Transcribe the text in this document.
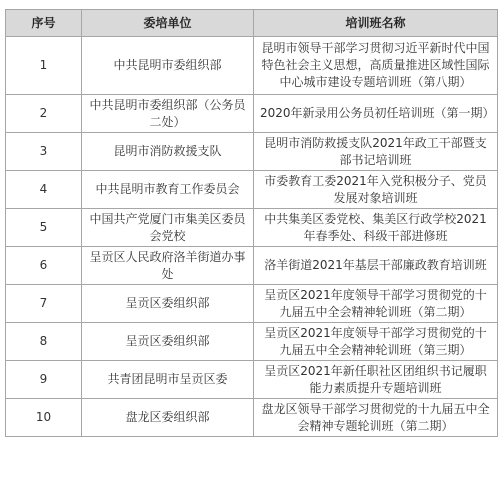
序号	委培单位	培训班名称
1	中共昆明市委组织部	昆明市领导干部学习贯彻习近平新时代中国特色社会主义思想，高质量推进区域性国际中心城市建设专题培训班（第八期）
2	中共昆明市委组织部（公务员二处）	2020年新录用公务员初任培训班（第一期）
3	昆明市消防救援支队	昆明市消防救援支队2021年政工干部暨支部书记培训班
4	中共昆明市教育工作委员会	市委教育工委2021年入党积极分子、党员发展对象培训班
5	中国共产党厦门市集美区委员会党校	中共集美区委党校、集美区行政学校2021年春季处、科级干部进修班
6	呈贡区人民政府洛羊街道办事处	洛羊街道2021年基层干部廉政教育培训班
7	呈贡区委组织部	呈贡区2021年度领导干部学习贯彻党的十九届五中全会精神轮训班（第二期）
8	呈贡区委组织部	呈贡区2021年度领导干部学习贯彻党的十九届五中全会精神轮训班（第三期）
9	共青团昆明市呈贡区委	呈贡区2021年新任职社区团组织书记履职能力素质提升专题培训班
10	盘龙区委组织部	盘龙区领导干部学习贯彻党的十九届五中全会精神专题轮训班（第二期）
